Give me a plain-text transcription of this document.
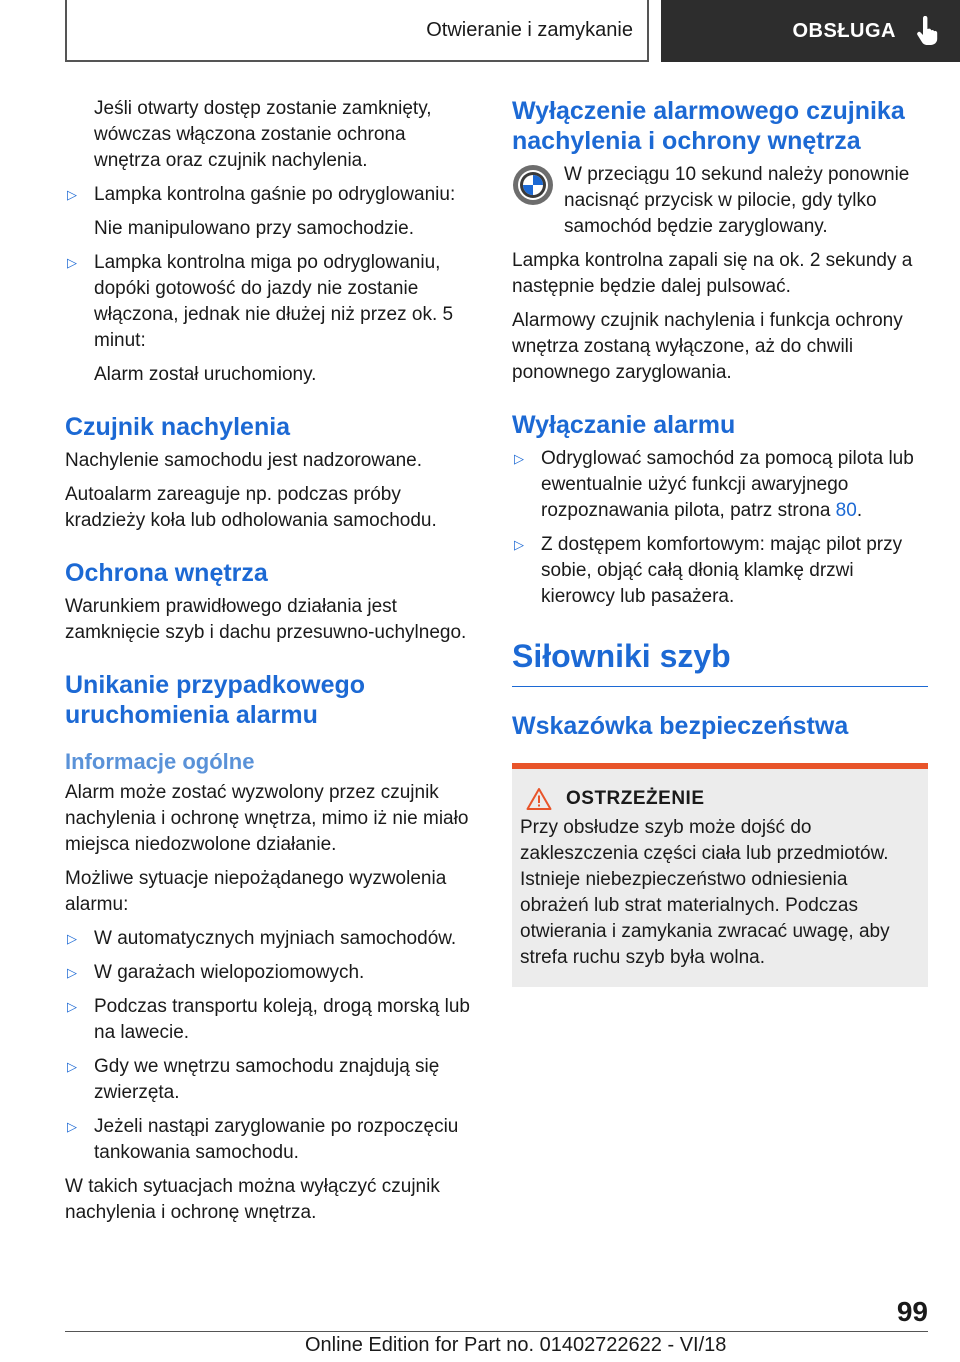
Otwieranie i zamykanie	OBSŁUGA

Jeśli otwarty dostęp zostanie zamknięty, wówczas włączona zostanie ochrona wnętrza oraz czujnik nachylenia.

▷ Lampka kontrolna gaśnie po odryglowaniu:

Nie manipulowano przy samochodzie.

▷ Lampka kontrolna miga po odryglowaniu, dopóki gotowość do jazdy nie zostanie włączona, jednak nie dłużej niż przez ok. 5 minut:

Alarm został uruchomiony.

Czujnik nachylenia

Nachylenie samochodu jest nadzorowane.

Autoalarm zareaguje np. podczas próby kradzieży koła lub odholowania samochodu.

Ochrona wnętrza

Warunkiem prawidłowego działania jest zamknięcie szyb i dachu przesuwno-uchylnego.

Unikanie przypadkowego uruchomienia alarmu
Informacje ogólne

Alarm może zostać wyzwolony przez czujnik nachylenia i ochronę wnętrza, mimo iż nie miało miejsca niedozwolone działanie.

Możliwe sytuacje niepożądanego wyzwolenia alarmu:

▷ W automatycznych myjniach samochodów.
▷ W garażach wielopoziomowych.
▷ Podczas transportu koleją, drogą morską lub na lawecie.
▷ Gdy we wnętrzu samochodu znajdują się zwierzęta.
▷ Jeżeli nastąpi zaryglowanie po rozpoczęciu tankowania samochodu.

W takich sytuacjach można wyłączyć czujnik nachylenia i ochronę wnętrza.

Wyłączenie alarmowego czujnika nachylenia i ochrony wnętrza

W przeciągu 10 sekund należy ponownie nacisnąć przycisk w pilocie, gdy tylko samochód będzie zaryglowany.

Lampka kontrolna zapali się na ok. 2 sekundy a następnie będzie dalej pulsować.

Alarmowy czujnik nachylenia i funkcja ochrony wnętrza zostaną wyłączone, aż do chwili ponownego zaryglowania.

Wyłączanie alarmu
▷ Odryglować samochód za pomocą pilota lub ewentualnie użyć funkcji awaryjnego rozpoznawania pilota, patrz strona 80.
▷ Z dostępem komfortowym: mając pilot przy sobie, objąć całą dłonią klamkę drzwi kierowcy lub pasażera.
Siłowniki szyb
Wskazówka bezpieczeństwa
OSTRZEŻENIE

Przy obsłudze szyb może dojść do zakleszczenia części ciała lub przedmiotów. Istnieje niebezpieczeństwo odniesienia obrażeń lub strat materialnych. Podczas otwierania i zamykania zwracać uwagę, aby strefa ruchu szyb była wolna.

99
Online Edition for Part no. 01402722622 - VI/18
